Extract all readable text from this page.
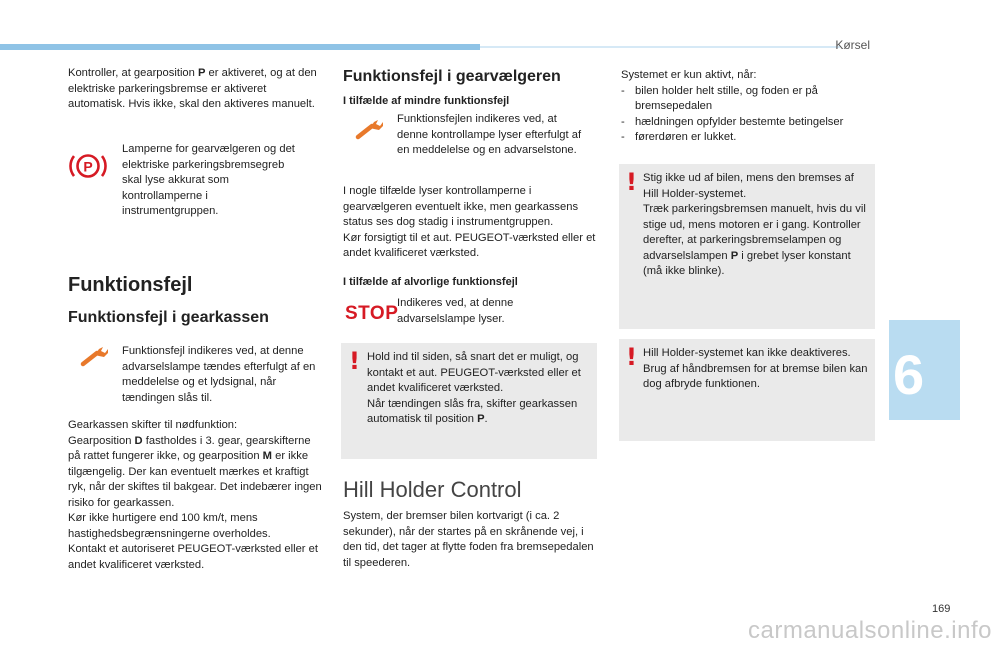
Kørsel

Kontroller, at gearposition P er aktiveret, og at den elektriske parkeringsbremse er aktiveret automatisk. Hvis ikke, skal den aktiveres manuelt.

P

Lamperne for gearvælgeren og det elektriske parkeringsbremsegreb skal lyse akkurat som kontrollamperne i instrumentgruppen.

Funktionsfejl
Funktionsfejl i gearkassen

Funktionsfejl indikeres ved, at denne advarselslampe tændes efterfulgt af en meddelelse og et lydsignal, når tændingen slås til.

Gearkassen skifter til nødfunktion:
Gearposition D fastholdes i 3. gear, gearskifterne på rattet fungerer ikke, og gearposition M er ikke tilgængelig. Der kan eventuelt mærkes et kraftigt ryk, når der skiftes til bakgear. Det indebærer ingen risiko for gearkassen.
Kør ikke hurtigere end 100 km/t, mens hastighedsbegrænsningerne overholdes.
Kontakt et autoriseret PEUGEOT-værksted eller et andet kvalificeret værksted.
Funktionsfejl i gearvælgeren
I tilfælde af mindre funktionsfejl

Funktionsfejlen indikeres ved, at denne kontrollampe lyser efterfulgt af en meddelelse og en advarselstone.

I nogle tilfælde lyser kontrollamperne i gearvælgeren eventuelt ikke, men gearkassens status ses dog stadig i instrumentgruppen.
Kør forsigtigt til et aut. PEUGEOT-værksted eller et andet kvalificeret værksted.
I tilfælde af alvorlige funktionsfejl
STOP

Indikeres ved, at denne advarselslampe lyser.

! Hold ind til siden, så snart det er muligt, og kontakt et aut. PEUGEOT-værksted eller et andet kvalificeret værksted.
Når tændingen slås fra, skifter gearkassen automatisk til position P.
Hill Holder Control

System, der bremser bilen kortvarigt (i ca. 2 sekunder), når der startes på en skrånende vej, i den tid, det tager at flytte foden fra bremsepedalen til speederen.

Systemet er kun aktivt, når:
- bilen holder helt stille, og foden er på bremsepedalen
- hældningen opfylder bestemte betingelser
- førerdøren er lukket.
! Stig ikke ud af bilen, mens den bremses af Hill Holder-systemet.
Træk parkeringsbremsen manuelt, hvis du vil stige ud, mens motoren er i gang. Kontroller derefter, at parkeringsbremselampen og advarselslampen P i grebet lyser konstant (må ikke blinke).
! Hill Holder-systemet kan ikke deaktiveres. Brug af håndbremsen for at bremse bilen kan dog afbryde funktionen.	6
169
carmanualsonline.info
